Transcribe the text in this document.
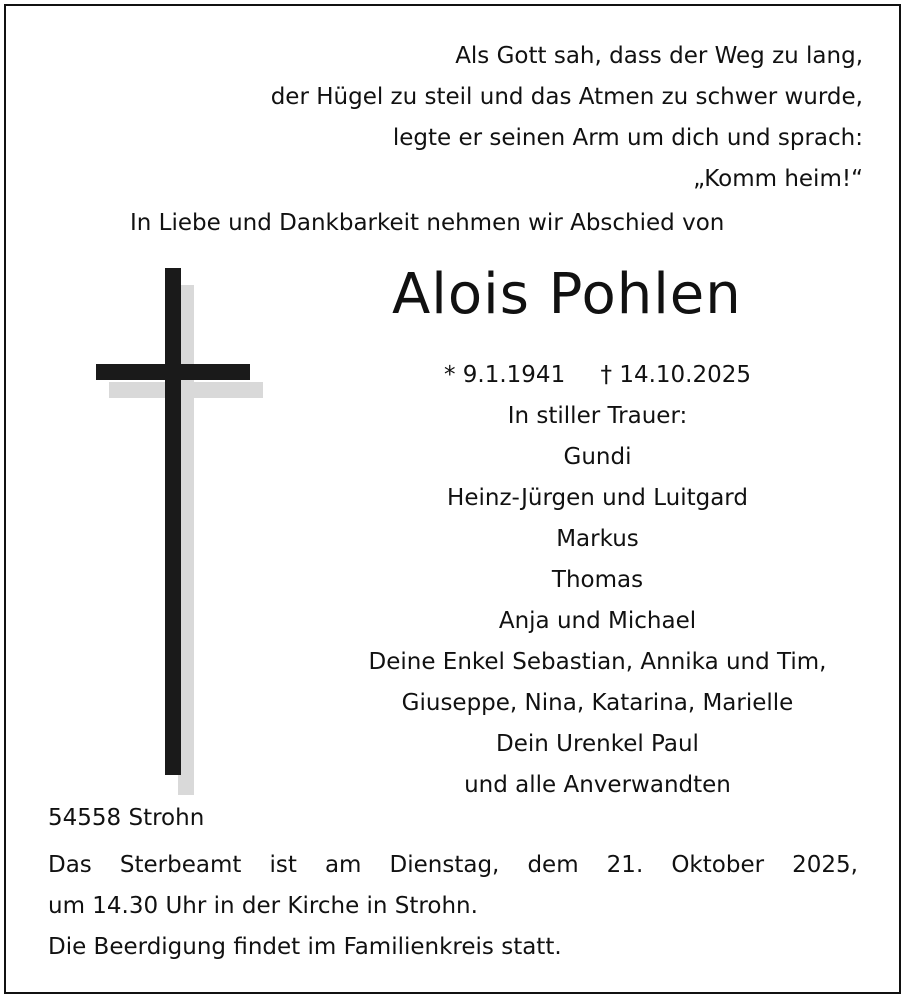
Als Gott sah, dass der Weg zu lang,
der Hügel zu steil und das Atmen zu schwer wurde,
legte er seinen Arm um dich und sprach:
„Komm heim!“
In Liebe und Dankbarkeit nehmen wir Abschied von
Alois Pohlen
* 9.1.1941 † 14.10.2025
In stiller Trauer:
Gundi
Heinz-Jürgen und Luitgard
Markus
Thomas
Anja und Michael
Deine Enkel Sebastian, Annika und Tim,
Giuseppe, Nina, Katarina, Marielle
Dein Urenkel Paul
und alle Anverwandten
54558 Strohn
Das Sterbeamt ist am Dienstag, dem 21. Oktober 2025,
um 14.30 Uhr in der Kirche in Strohn.
Die Beerdigung findet im Familienkreis statt.
